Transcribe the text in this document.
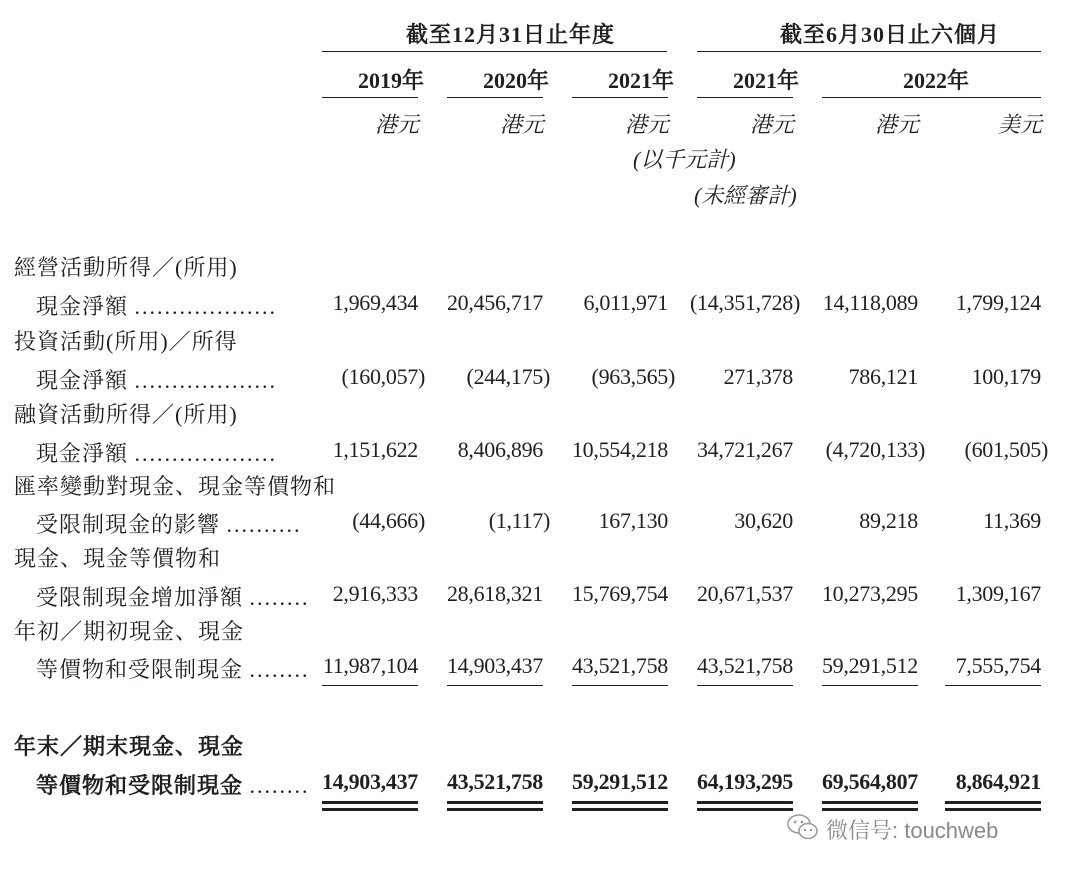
截至12月31日止年度	截至6月30日止六個月
2019年	2020年	2021年	2021年	2022年
港元	港元	港元	港元	港元	美元
(以千元計)
(未經審計)
經營活動所得／(所用)
現金淨額 ...................	1,969,434	20,456,717	6,011,971 (14,351,728)	14,118,089	1,799,124
投資活動(所用)／所得
現金淨額 ...................	(160,057)	(244,175)	(963,565)	271,378	786,121	100,179
融資活動所得／(所用)
現金淨額 ...................	1,151,622	8,406,896	10,554,218	34,721,267	(4,720,133)	(601,505)
匯率變動對現金、現金等價物和
受限制現金的影響 ..........	(44,666)	(1,117)	167,130	30,620	89,218	11,369
現金、現金等價物和
受限制現金增加淨額 ........	2,916,333	28,618,321	15,769,754	20,671,537	10,273,295	1,309,167
年初／期初現金、現金
等價物和受限制現金 ........ 11,987,104	14,903,437	43,521,758	43,521,758	59,291,512	7,555,754
年末／期末現金、現金
等價物和受限制現金 ........ 14,903,437	43,521,758	59,291,512	64,193,295	69,564,807	8,864,921
微信号: touchweb
